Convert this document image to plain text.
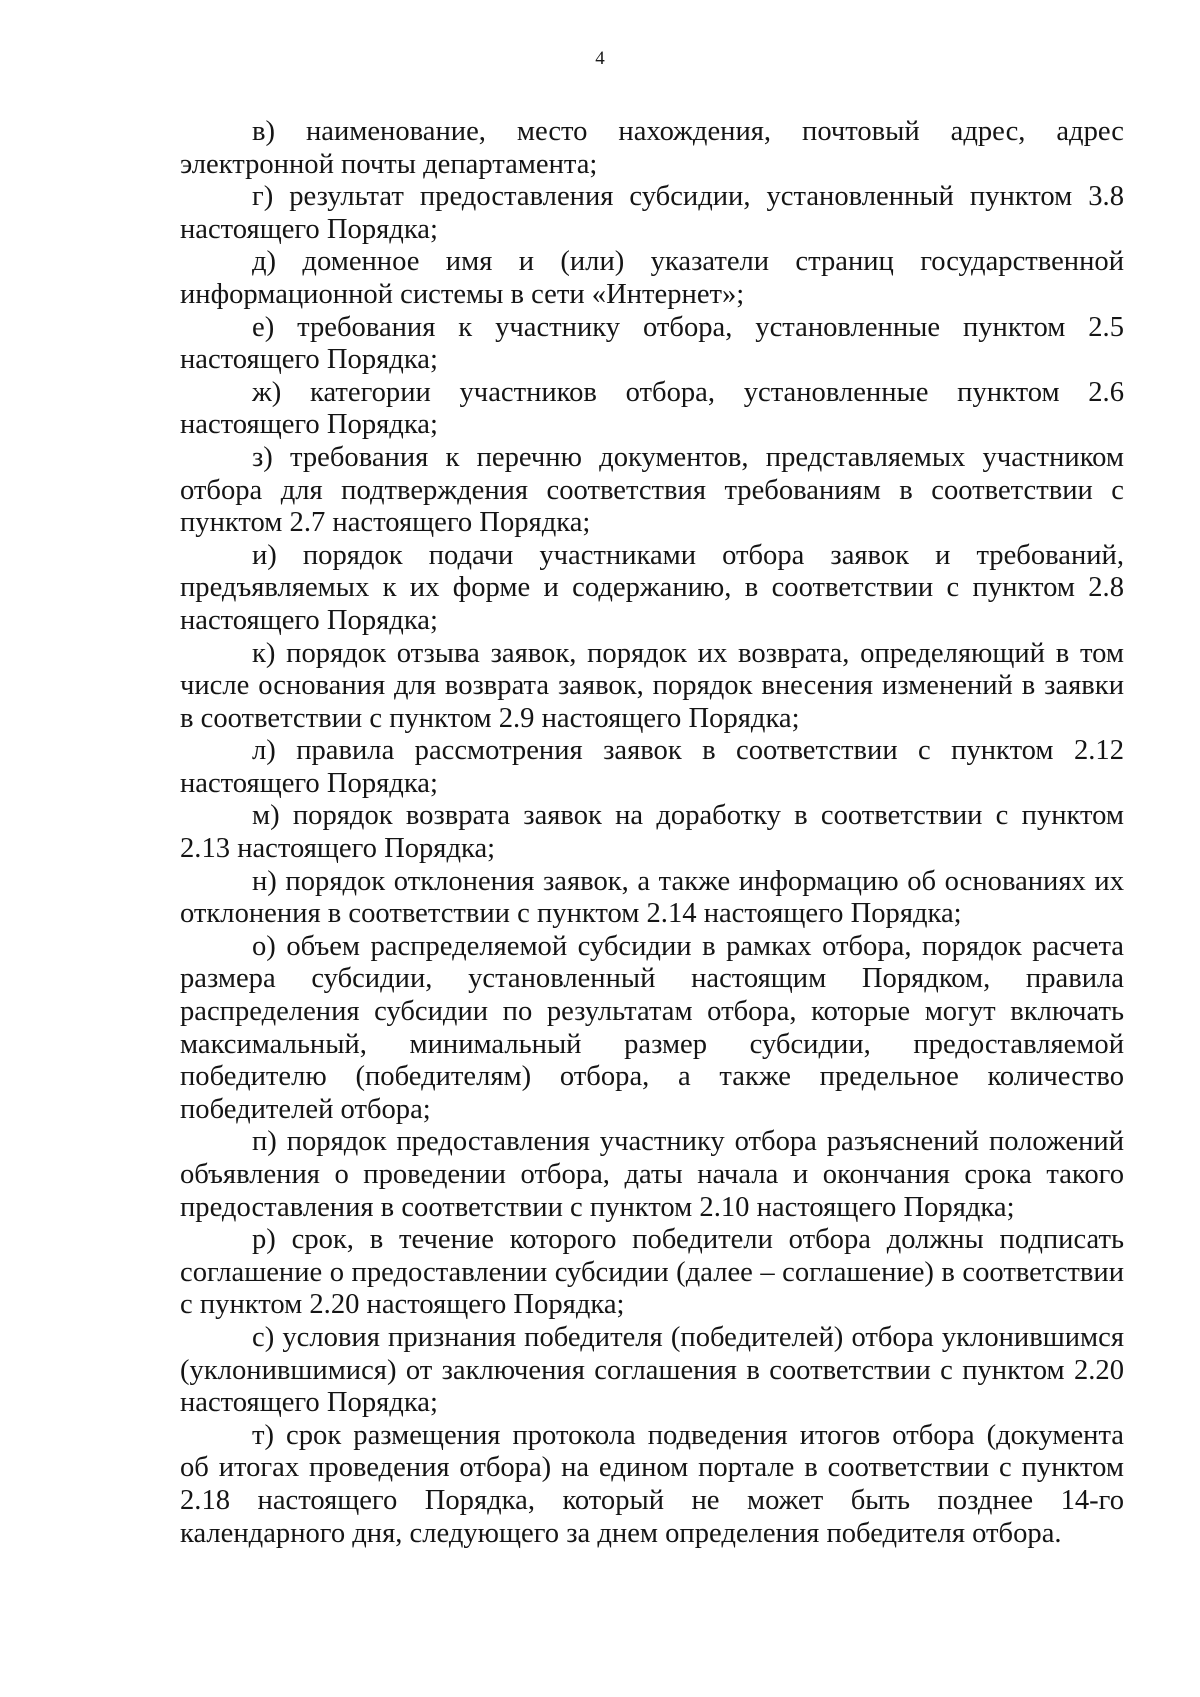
4

в) наименование, место нахождения, почтовый адрес, адрес электронной почты департамента;

г) результат предоставления субсидии, установленный пунктом 3.8 настоящего Порядка;

д) доменное имя и (или) указатели страниц государственной информационной системы в сети «Интернет»;

е) требования к участнику отбора, установленные пунктом 2.5 настоящего Порядка;

ж) категории участников отбора, установленные пунктом 2.6 настоящего Порядка;

з) требования к перечню документов, представляемых участником отбора для подтверждения соответствия требованиям в соответствии с пунктом 2.7 настоящего Порядка;

и) порядок подачи участниками отбора заявок и требований, предъявляемых к их форме и содержанию, в соответствии с пунктом 2.8 настоящего Порядка;

к) порядок отзыва заявок, порядок их возврата, определяющий в том числе основания для возврата заявок, порядок внесения изменений в заявки в соответствии с пунктом 2.9 настоящего Порядка;

л) правила рассмотрения заявок в соответствии с пунктом 2.12 настоящего Порядка;

м) порядок возврата заявок на доработку в соответствии с пунктом 2.13 настоящего Порядка;

н) порядок отклонения заявок, а также информацию об основаниях их отклонения в соответствии с пунктом 2.14 настоящего Порядка;

о) объем распределяемой субсидии в рамках отбора, порядок расчета размера субсидии, установленный настоящим Порядком, правила распределения субсидии по результатам отбора, которые могут включать максимальный, минимальный размер субсидии, предоставляемой победителю (победителям) отбора, а также предельное количество победителей отбора;

п) порядок предоставления участнику отбора разъяснений положений объявления о проведении отбора, даты начала и окончания срока такого предоставления в соответствии с пунктом 2.10 настоящего Порядка;

р) срок, в течение которого победители отбора должны подписать соглашение о предоставлении субсидии (далее – соглашение) в соответствии с пунктом 2.20 настоящего Порядка;

с) условия признания победителя (победителей) отбора уклонившимся (уклонившимися) от заключения соглашения в соответствии с пунктом 2.20 настоящего Порядка;

т) срок размещения протокола подведения итогов отбора (документа об итогах проведения отбора) на едином портале в соответствии с пунктом 2.18 настоящего Порядка, который не может быть позднее 14-го календарного дня, следующего за днем определения победителя отбора.
